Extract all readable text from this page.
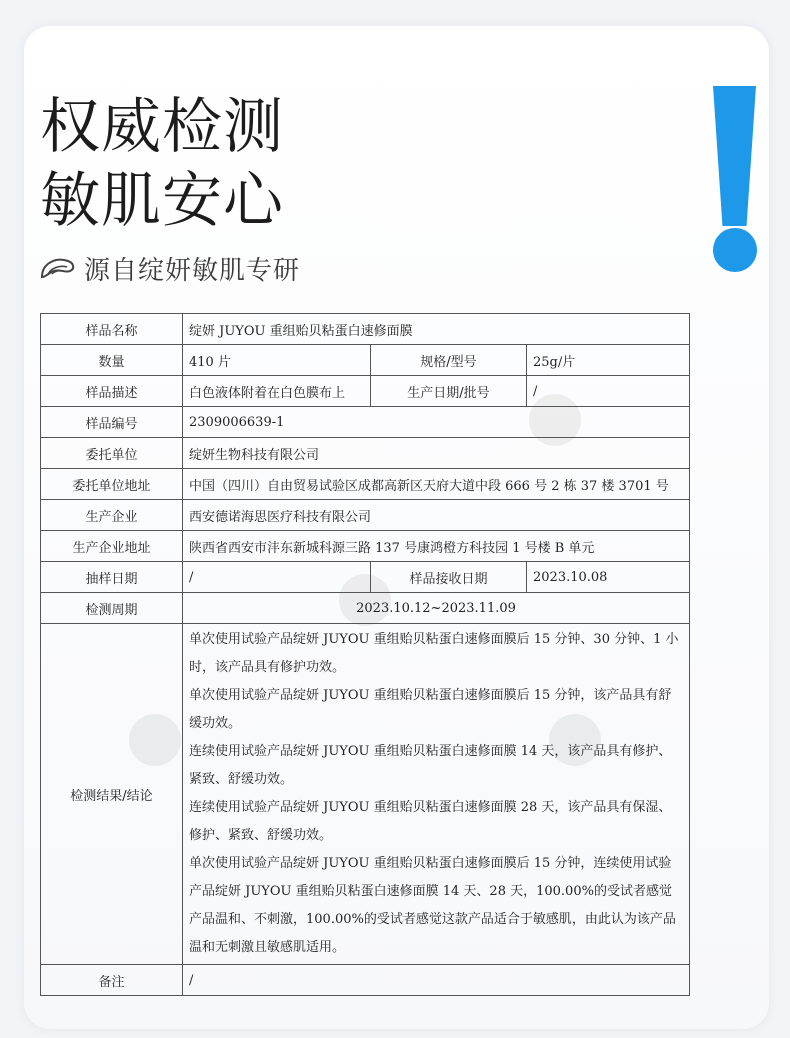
权威检测
敏肌安心
源自绽妍敏肌专研
样品名称	绽妍 JUYOU 重组贻贝粘蛋白速修面膜		
数量	410 片	规格/型号	25g/片
样品描述	白色液体附着在白色膜布上	生产日期/批号	/
样品编号	2309006639-1		
委托单位	绽妍生物科技有限公司		
委托单位地址	中国（四川）自由贸易试验区成都高新区天府大道中段 666 号 2 栋 37 楼 3701 号		
生产企业	西安德诺海思医疗科技有限公司		
生产企业地址	陕西省西安市沣东新城科源三路 137 号康鸿橙方科技园 1 号楼 B 单元		
抽样日期	/	样品接收日期	2023.10.08
检测周期	2023.10.12~2023.11.09		
检测结果/结论	单次使用试验产品绽妍 JUYOU 重组贻贝粘蛋白速修面膜后 15 分钟、30 分钟、1 小时，该产品具有修护功效。

单次使用试验产品绽妍 JUYOU 重组贻贝粘蛋白速修面膜后 15 分钟，该产品具有舒缓功效。

连续使用试验产品绽妍 JUYOU 重组贻贝粘蛋白速修面膜 14 天，该产品具有修护、紧致、舒缓功效。

连续使用试验产品绽妍 JUYOU 重组贻贝粘蛋白速修面膜 28 天，该产品具有保湿、修护、紧致、舒缓功效。

单次使用试验产品绽妍 JUYOU 重组贻贝粘蛋白速修面膜后 15 分钟，连续使用试验产品绽妍 JUYOU 重组贻贝粘蛋白速修面膜 14 天、28 天，100.00%的受试者感觉产品温和、不刺激，100.00%的受试者感觉这款产品适合于敏感肌，由此认为该产品温和无刺激且敏感肌适用。		

备注	/		
